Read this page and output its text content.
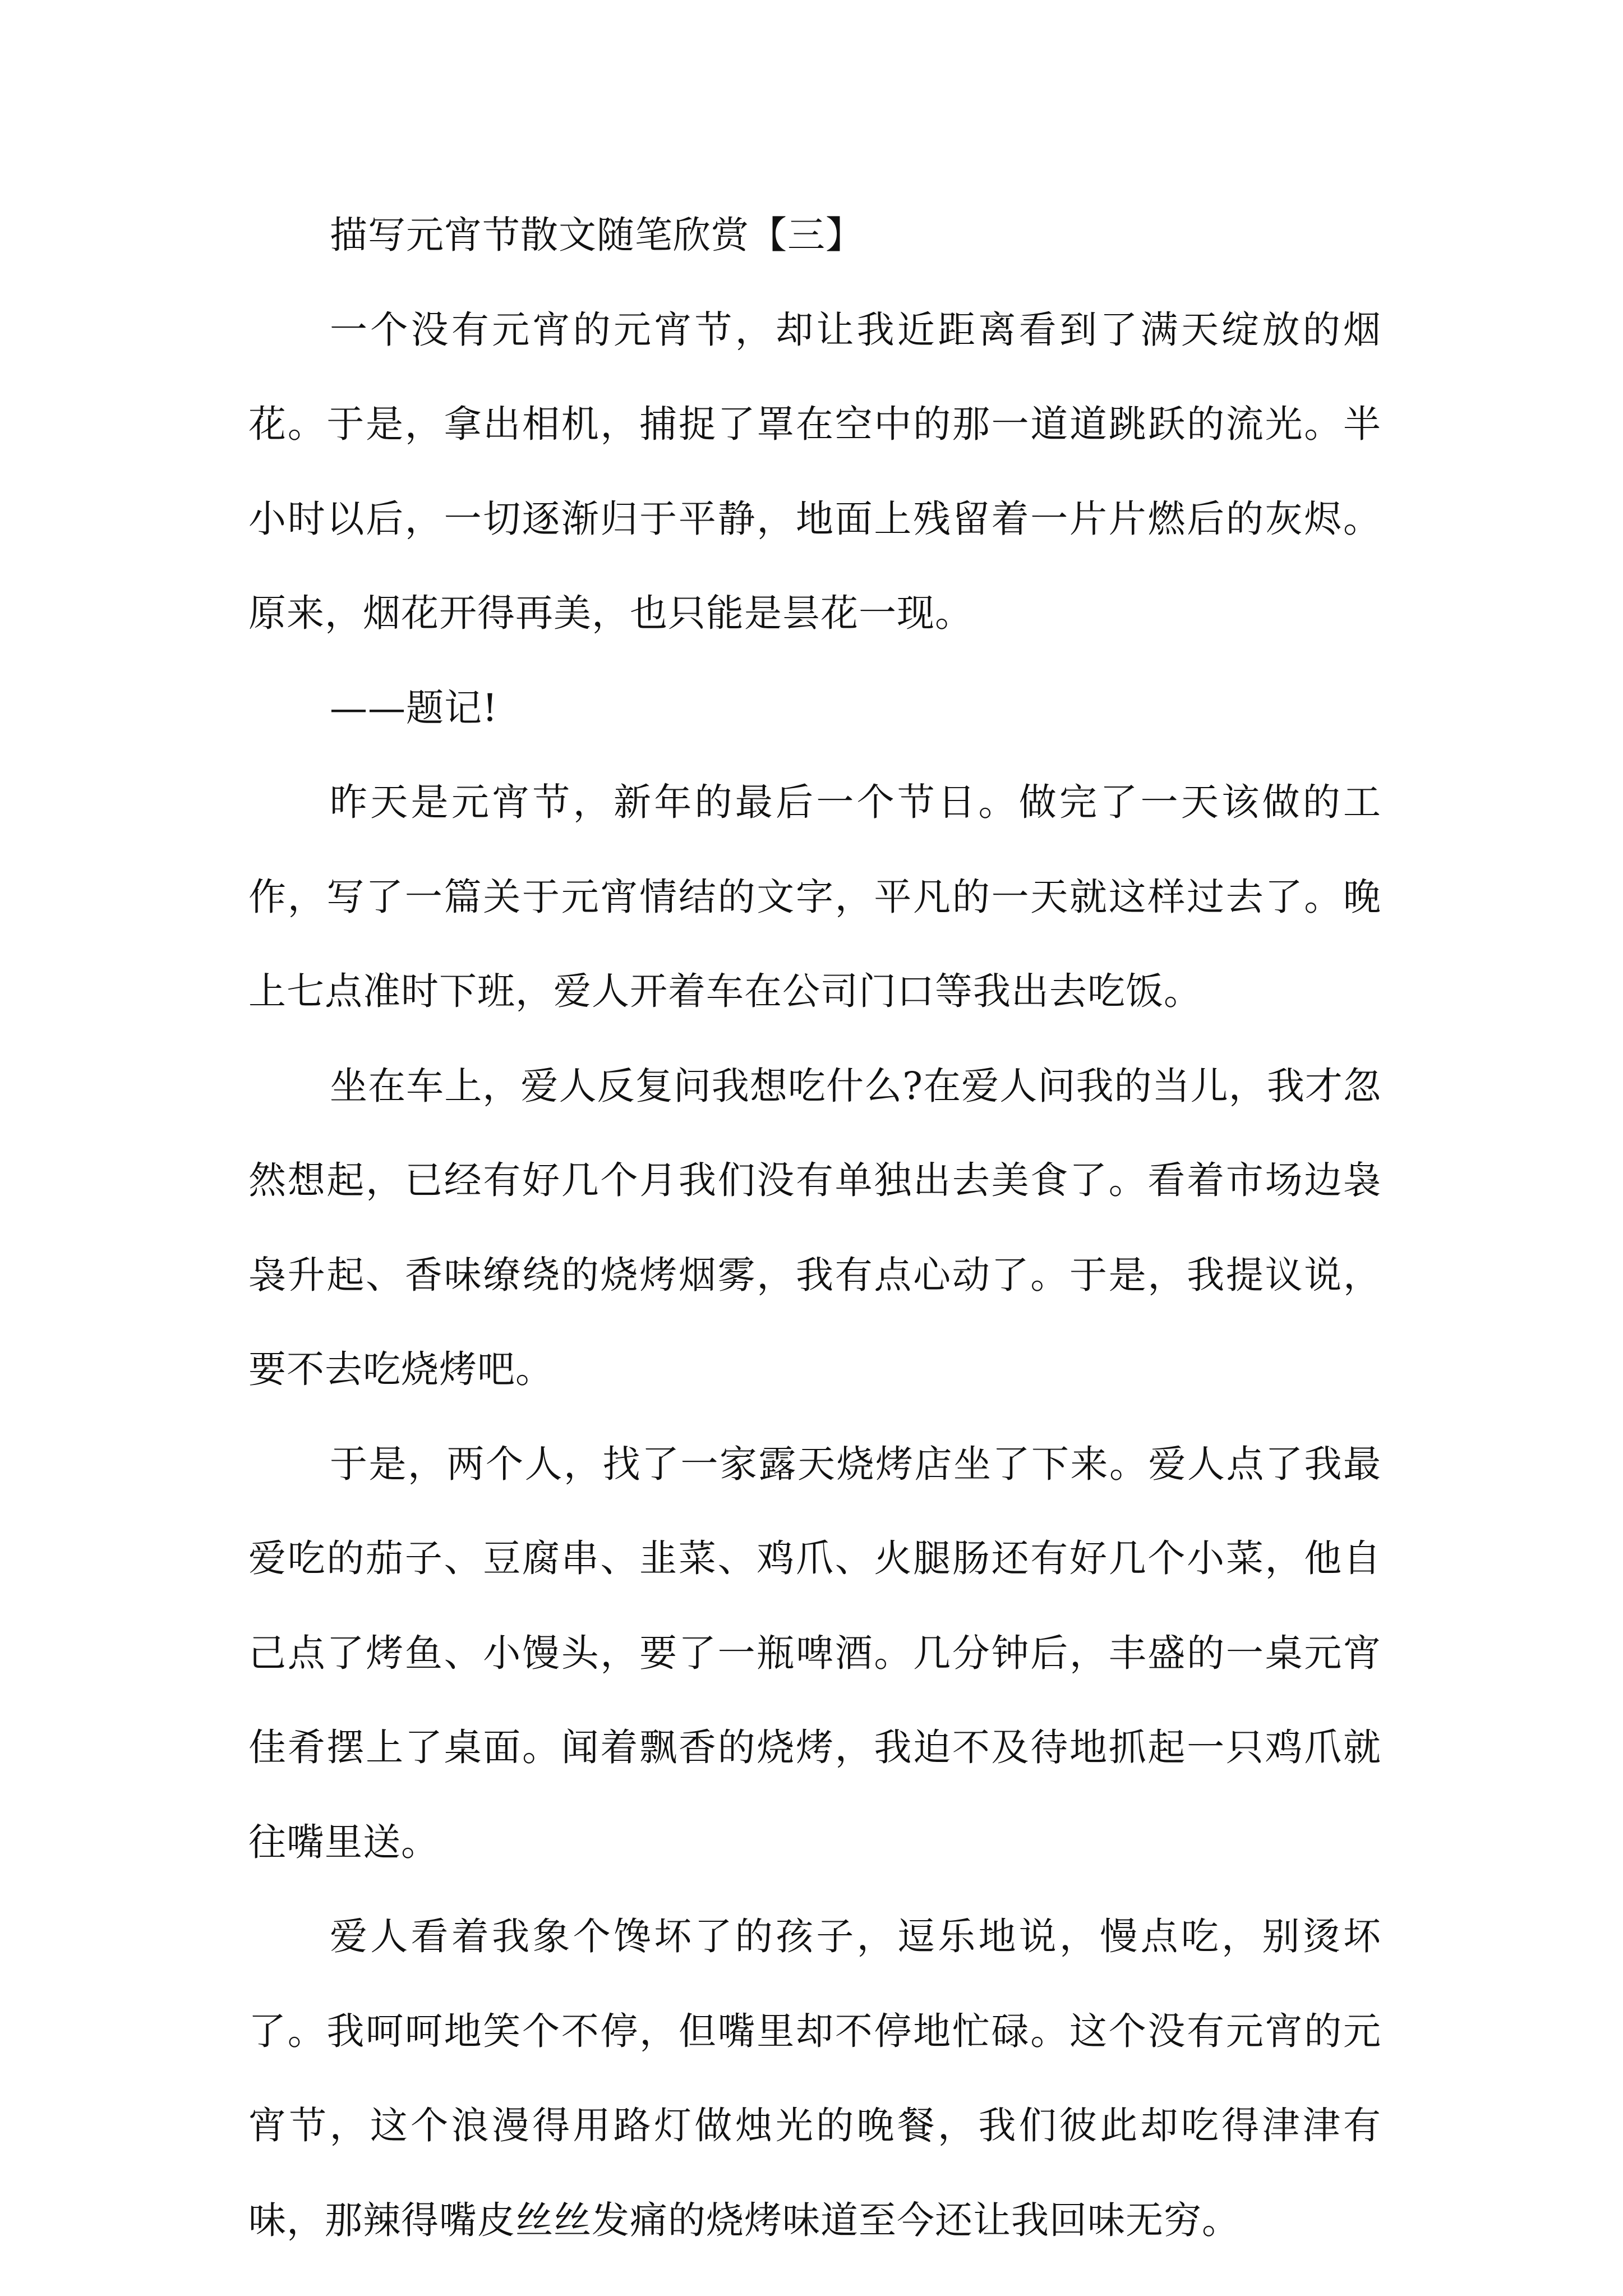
描写元宵节散文随笔欣赏【三】

一个没有元宵的元宵节，却让我近距离看到了满天绽放的烟花。于是，拿出相机，捕捉了罩在空中的那一道道跳跃的流光。半小时以后，一切逐渐归于平静，地面上残留着一片片燃后的灰烬。原来，烟花开得再美，也只能是昙花一现。

——题记!

昨天是元宵节，新年的最后一个节日。做完了一天该做的工作，写了一篇关于元宵情结的文字，平凡的一天就这样过去了。晚上七点准时下班，爱人开着车在公司门口等我出去吃饭。

坐在车上，爱人反复问我想吃什么?在爱人问我的当儿，我才忽然想起，已经有好几个月我们没有单独出去美食了。看着市场边袅袅升起、香味缭绕的烧烤烟雾，我有点心动了。于是，我提议说，要不去吃烧烤吧。

于是，两个人，找了一家露天烧烤店坐了下来。爱人点了我最爱吃的茄子、豆腐串、韭菜、鸡爪、火腿肠还有好几个小菜，他自己点了烤鱼、小馒头，要了一瓶啤酒。几分钟后，丰盛的一桌元宵佳肴摆上了桌面。闻着飘香的烧烤，我迫不及待地抓起一只鸡爪就往嘴里送。

爱人看着我象个馋坏了的孩子，逗乐地说，慢点吃，别烫坏了。我呵呵地笑个不停，但嘴里却不停地忙碌。这个没有元宵的元宵节，这个浪漫得用路灯做烛光的晚餐，我们彼此却吃得津津有味，那辣得嘴皮丝丝发痛的烧烤味道至今还让我回味无穷。
